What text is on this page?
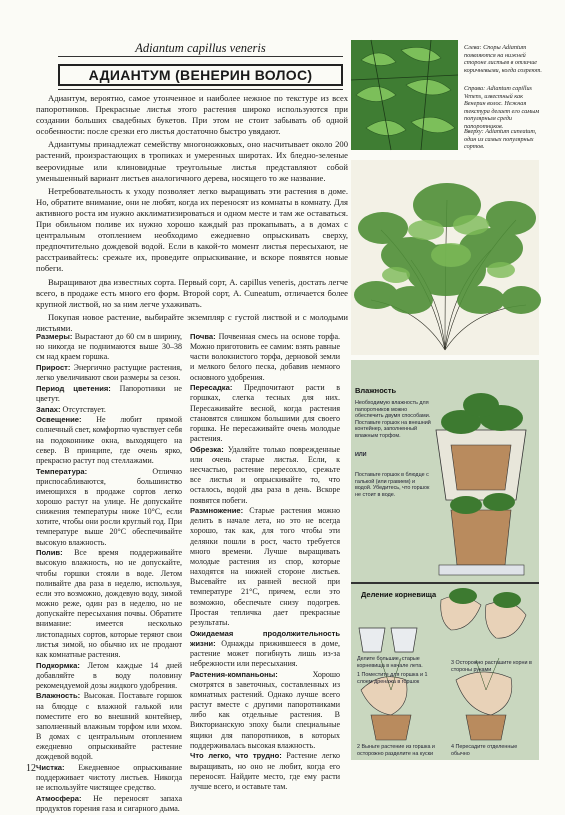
Adiantum capillus veneris
АДИАНТУМ (ВЕНЕРИН ВОЛОС)

Адиантум, вероятно, самое утонченное и наиболее нежное по текстуре из всех папоротников. Прекрасные листья этого растения широко используются при создании больших свадебных букетов. При этом не стоит забывать об одной особенности: после срезки его листья достаточно быстро увядают.

Адиантумы принадлежат семейству многоножковых, оно насчитывает около 200 растений, произрастающих в тропиках и умеренных широтах. Их бледно-зеленые веерovидные или клиновидные треугольные листья представляют собой уменьшенный вариант листьев аналогичного дерева, носящего то же название.

Нетребовательность к уходу позволяет легко выращивать эти растения в доме. Но, обратите внимание, они не любят, когда их переносят из комнаты в комнату. Для активного роста им нужно акклиматизироваться и одном месте и там же оставаться. При обильном поливе их нужно хорошо каждый раз прокапывать, а в домах с центральным отоплением необходимо ежедневно опрыскивать сверху, предпочтительно дождевой водой. Если в какой-то момент листья пересыхают, не расстраивайтесь: срежьте их, проведите опрыскивание, и вскоре появятся новые побеги.

Выращивают два известных сорта. Первый сорт, A. capillus veneris, достать легче всего, в продаже есть много его форм. Второй сорт, A. Cuneatum, отличается более крупной листвой, но за ним легче ухаживать.

Покупая новое растение, выбирайте экземпляр с густой листвой и с молодыми листьями.

Размеры: Вырастают до 60 см в ширину, но никогда не поднимаются выше 30–38 см над краем горшка.

Прирост: Энергично растущие растения, легко увеличивают свои размеры за сезон.

Период цветения: Папоротники не цветут.

Запах: Отсутствует.

Освещение: Не любит прямой солнечный свет, комфортно чувствует себя на подоконнике окна, выходящего на север. В принципе, где очень ярко, прекрасно растут под стеллажами.

Температура: Отлично приспосабливаются, большинство имеющихся в продаже сортов легко хорошо растут на улице. Не допускайте снижения температуры ниже 10°С, если хотите, чтобы они росли круглый год. При температуре выше 20°С обеспечивайте высокую влажность.

Полив: Все время поддерживайте высокую влажность, но не допускайте, чтобы горшки стояли в воде. Летом поливайте два раза в неделю, используя, если это возможно, дождевую воду, зимой можно реже, один раз в неделю, но не допускайте пересыхания почвы. Обратите внимание: имеется несколько листопадных сортов, которые теряют свои листья зимой, но обычно их не продают как комнатные растения.

Подкормка: Летом каждые 14 дней добавляйте в воду половину рекомендуемой дозы жидкого удобрения.

Влажность: Высокая. Поставьте горшок на блюдце с влажной галькой или поместите его во внешний контейнер, заполненный влажным торфом или мхом. В домах с центральным отоплением ежедневно опрыскивайте растение дождевой водой.

Чистка: Ежедневное опрыскивание поддерживает чистоту листьев. Никогда не используйте чистящее средство.

Атмосфера: Не переносят запаха продуктов горения газа и сигарного дыма.

Почва: Почвенная смесь на основе торфа. Можно приготовить ее самим: взять равные части волокнистого торфа, дерновой земли и мелкого белого песка, добавив немного основного удобрения.

Пересадка: Предпочитают расти в горшках, слегка тесных для них. Пересаживайте весной, когда растения становятся слишком большими для своего горшка. Не пересаживайте очень молодые растения.

Обрезка: Удаляйте только поврежденные или очень старые листья. Если, к несчастью, растение пересохло, срежьте все листья и опрыскивайте то, что осталось, водой два раза в день. Вскоре появятся побеги.

Размножение: Старые растения можно делить в начале лета, но это не всегда хорошо, так как, для того чтобы эти делянки пошли в рост, часто требуется много времени. Лучше выращивать молодые растения из спор, которые находятся на нижней стороне листьев. Высевайте их ранней весной при температуре 21°С, причем, если это возможно, обеспечьте снизу подогрев. Простая тепличка дает прекрасные результаты.

Ожидаемая продолжительность жизни: Однажды прижившееся в доме, растение может погибнуть лишь из-за небрежности или пересыхания.

Растения-компаньоны: Хорошо смотрятся в заветочных, составленных из комнатных растений. Однако лучше всего растут вместе с другими папоротниками либо как отдельные растения. В Викторианскую эпоху были специальные ящики для папоротников, в которых поддерживалась высокая влажность.

Что легко, что трудно: Растение легко выращивать, но оно не любит, когда его переносят. Найдите место, где ему расти лучше всего, и оставьте там.

12
Слева: Споры Adiantum появляются на нижней стороне листьев в отличие коричневыми, когда созреют.
Справа: Adiantum capillus Venens, известный как Венерин волос. Нежная текстура делает его самым популярным среди папоротников.
Вверху: Adiantum cuneatum, один из самых популярных сортов.
Влажность
Необходимую влажность для папоротников можно обеспечить двумя способами. Поставьте горшок на внешний контейнер, заполненный влажным торфом.
ИЛИ
Поставьте горшок в блюдце с галькой (или гравием) и водой. Убедитесь, что горшок не стоит в воде.
Деление корневища
Делите большие, старые корневища в начале лета.
1 Поместите для горшка и 1 слоем дренажа в горшок
3 Осторожно расташите корни в стороны руками
2 Выньте растение из горшка и осторожно разделите на куски
4 Пересадите отделенные обычно
